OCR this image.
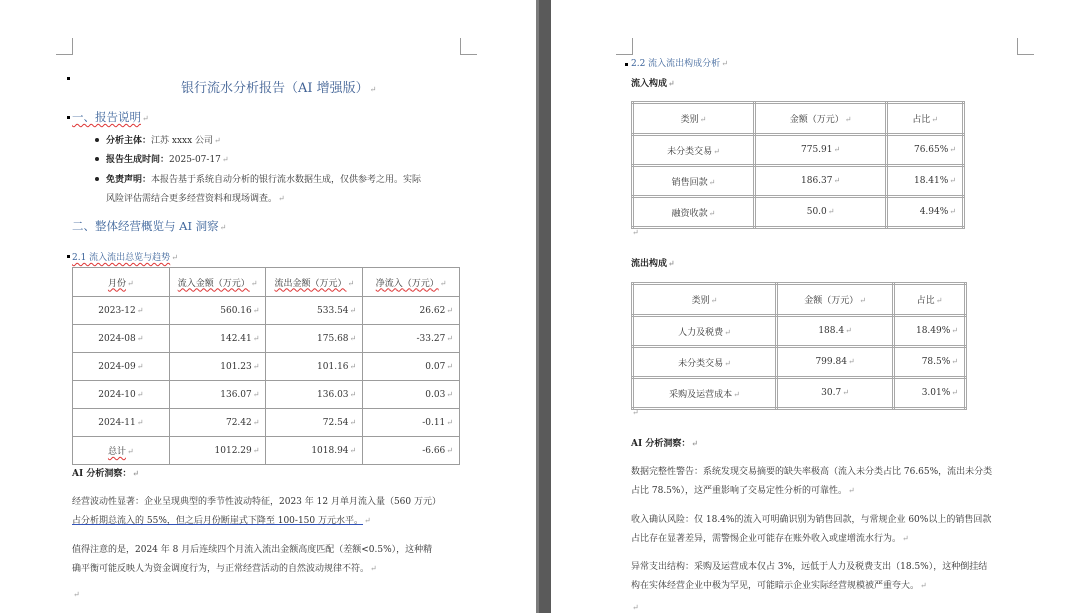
银行流水分析报告（AI 增强版）↵
一、报告说明↵
分析主体：江苏 xxxx 公司↵
报告生成时间：2025-07-17↵
免责声明：本报告基于系统自动分析的银行流水数据生成，仅供参考之用。实际
风险评估需结合更多经营资料和现场调查。↵
二、整体经营概览与 AI 洞察↵
2.1 流入流出总览与趋势↵
月份↵	流入金额（万元）↵	流出金额（万元）↵	净流入（万元）↵
2023-12↵	560.16↵	533.54↵	26.62↵
2024-08↵	142.41↵	175.68↵	-33.27↵
2024-09↵	101.23↵	101.16↵	0.07↵
2024-10↵	136.07↵	136.03↵	0.03↵
2024-11↵	72.42↵	72.54↵	-0.11↵
总计↵	1012.29↵	1018.94↵	-6.66↵
AI 分析洞察：↵
经营波动性显著：企业呈现典型的季节性波动特征，2023 年 12 月单月流入量（560 万元）
占分析期总流入的 55%，但之后月份断崖式下降至 100-150 万元水平。↵
值得注意的是，2024 年 8 月后连续四个月流入流出金额高度匹配（差额<0.5%），这种精
确平衡可能反映人为资金调度行为，与正常经营活动的自然波动规律不符。↵
↵
2.2 流入流出构成分析↵
流入构成↵
类别↵	金额（万元）↵	占比↵
未分类交易↵	775.91↵	76.65%↵
销售回款↵	186.37↵	18.41%↵
融资收款↵	50.0↵	4.94%↵
↵
流出构成↵
类别↵	金额（万元）↵	占比↵
人力及税费↵	188.4↵	18.49%↵
未分类交易↵	799.84↵	78.5%↵
采购及运营成本↵	30.7↵	3.01%↵
↵
AI 分析洞察：↵
数据完整性警告：系统发现交易摘要的缺失率极高（流入未分类占比 76.65%，流出未分类
占比 78.5%），这严重影响了交易定性分析的可靠性。↵
收入确认风险：仅 18.4%的流入可明确识别为销售回款，与常规企业 60%以上的销售回款
占比存在显著差异，需警惕企业可能存在账外收入或虚增流水行为。↵
异常支出结构：采购及运营成本仅占 3%，远低于人力及税费支出（18.5%），这种倒挂结
构在实体经营企业中极为罕见，可能暗示企业实际经营规模被严重夸大。↵
↵
